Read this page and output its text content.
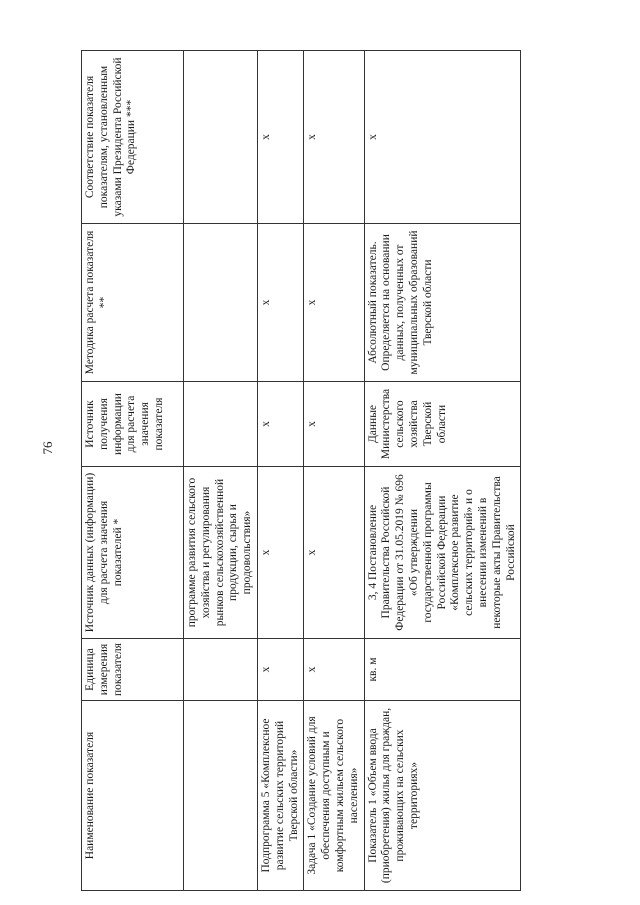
76
Наименование показателя	Единица измерения показателя	Источник данных (информации) для расчета значения показателей *	Источник получения информации для расчета значения показателя	Методика расчета показателя **	Соответствие показателя показателям, установленным указами Президента Российской Федерации ***
		программе развития сельского хозяйства и регулирования рынков сельскохозяйственной продукции, сырья и продовольствия»			
Подпрограмма 5 «Комплексное развитие сельских территорий Тверской области»	х	х	х	х	х
Задача 1 «Создание условий для обеспечения доступным и комфортным жильем сельского населения»	х	х	х	х	х
Показатель 1 «Объем ввода (приобретения) жилья для граждан, проживающих на сельских территориях»	кв. м	3, 4 Постановление Правительства Российской Федерации от 31.05.2019 № 696 «Об утверждении государственной программы Российской Федерации «Комплексное развитие сельских территорий» и о внесении изменений в некоторые акты Правительства Российской	Данные Министерства сельского хозяйства Тверской области	Абсолютный показатель. Определяется на основании данных, полученных от муниципальных образований Тверской области	х
